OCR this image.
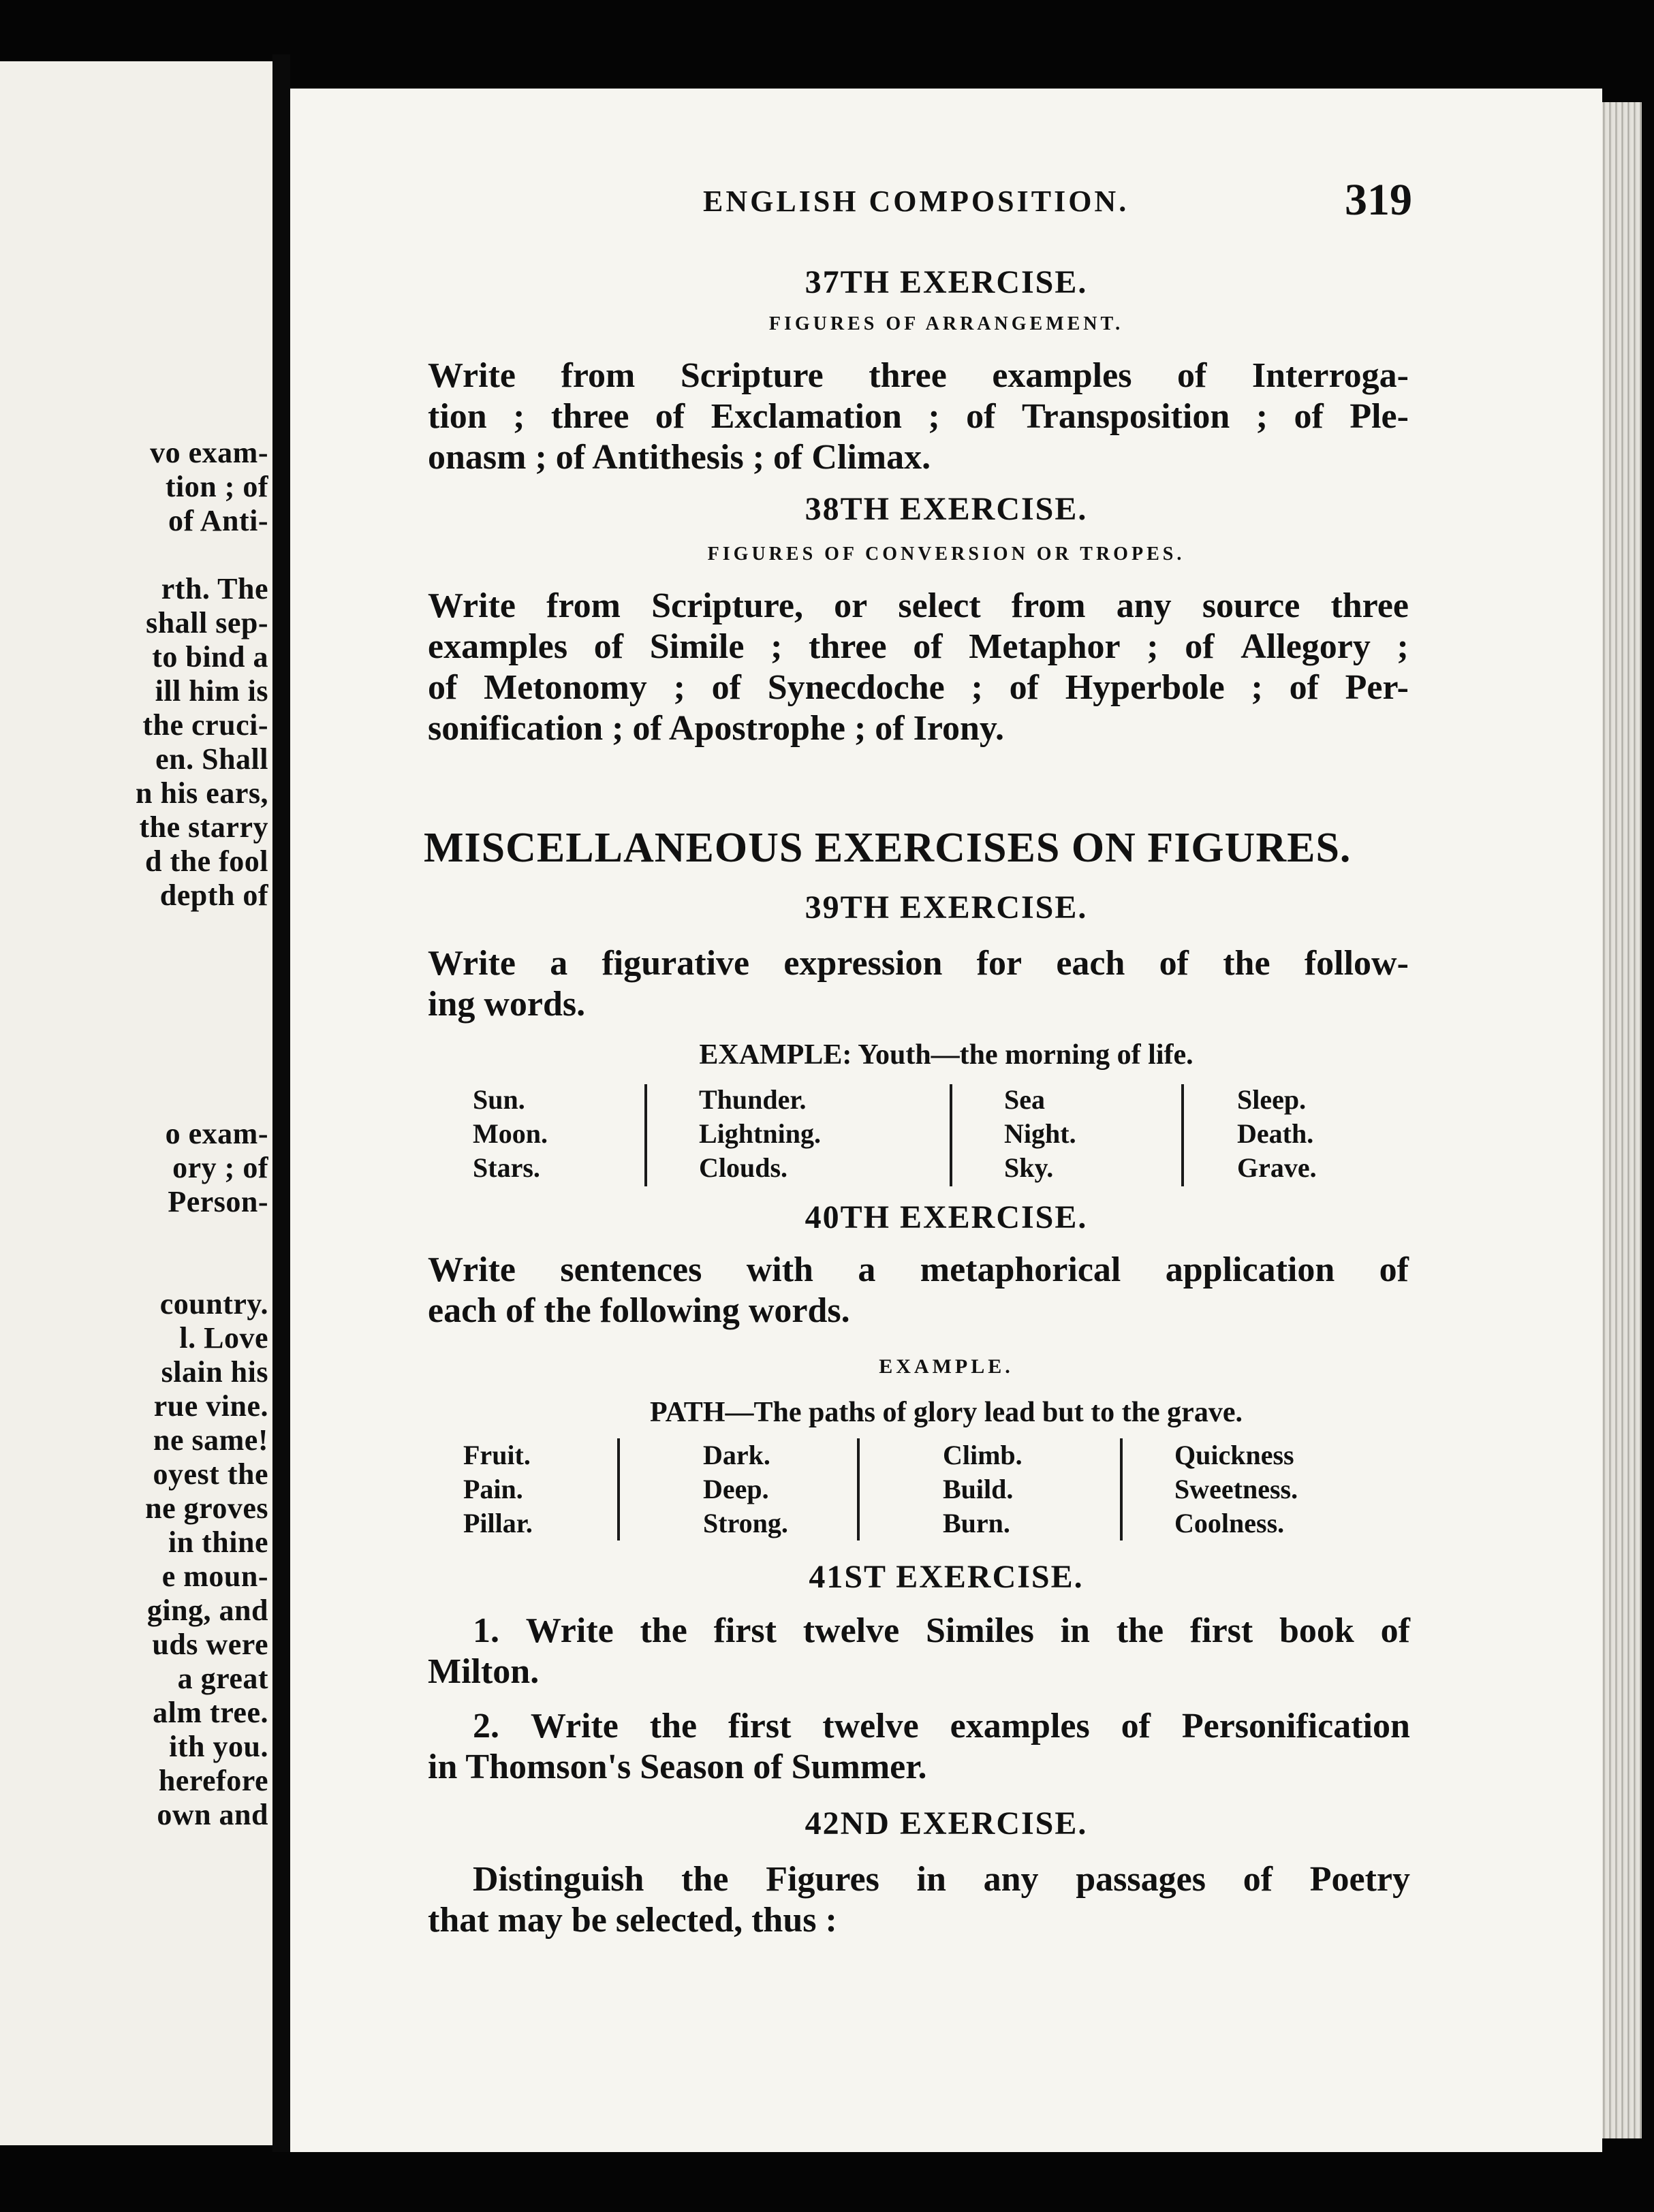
vo exam-
tion ; of
of Anti-
rth. The
shall sep-
to bind a
ill him is
the cruci-
en. Shall
n his ears,
the starry
d the fool
depth of
o exam-
ory ; of
Person-
country.
l. Love
slain his
rue vine.
ne same!
oyest the
ne groves
in thine
e moun-
ging, and
uds were
a great
alm tree.
ith you.
herefore
own and
ENGLISH COMPOSITION.	319
37TH EXERCISE.
FIGURES OF ARRANGEMENT.
Write from Scripture three examples of Interroga-
tion ; three of Exclamation ; of Transposition ; of Ple-
onasm ; of Antithesis ; of Climax.
38TH EXERCISE.
FIGURES OF CONVERSION OR TROPES.
Write from Scripture, or select from any source three
examples of Simile ; three of Metaphor ; of Allegory ;
of Metonomy ; of Synecdoche ; of Hyperbole ; of Per-
sonification ; of Apostrophe ; of Irony.
MISCELLANEOUS EXERCISES ON FIGURES.
39TH EXERCISE.
Write a figurative expression for each of the follow-
ing words.
EXAMPLE: Youth—the morning of life.
Sun.
Moon.
Stars.
Thunder.
Lightning.
Clouds.
Sea
Night.
Sky.
Sleep.
Death.
Grave.
40TH EXERCISE.
Write sentences with a metaphorical application of
each of the following words.
EXAMPLE.
PATH—The paths of glory lead but to the grave.
Fruit.
Pain.
Pillar.
Dark.
Deep.
Strong.
Climb.
Build.
Burn.
Quickness
Sweetness.
Coolness.
41ST EXERCISE.
1. Write the first twelve Similes in the first book of
Milton.
2. Write the first twelve examples of Personification
in Thomson's Season of Summer.
42ND EXERCISE.
Distinguish the Figures in any passages of Poetry
that may be selected, thus :
